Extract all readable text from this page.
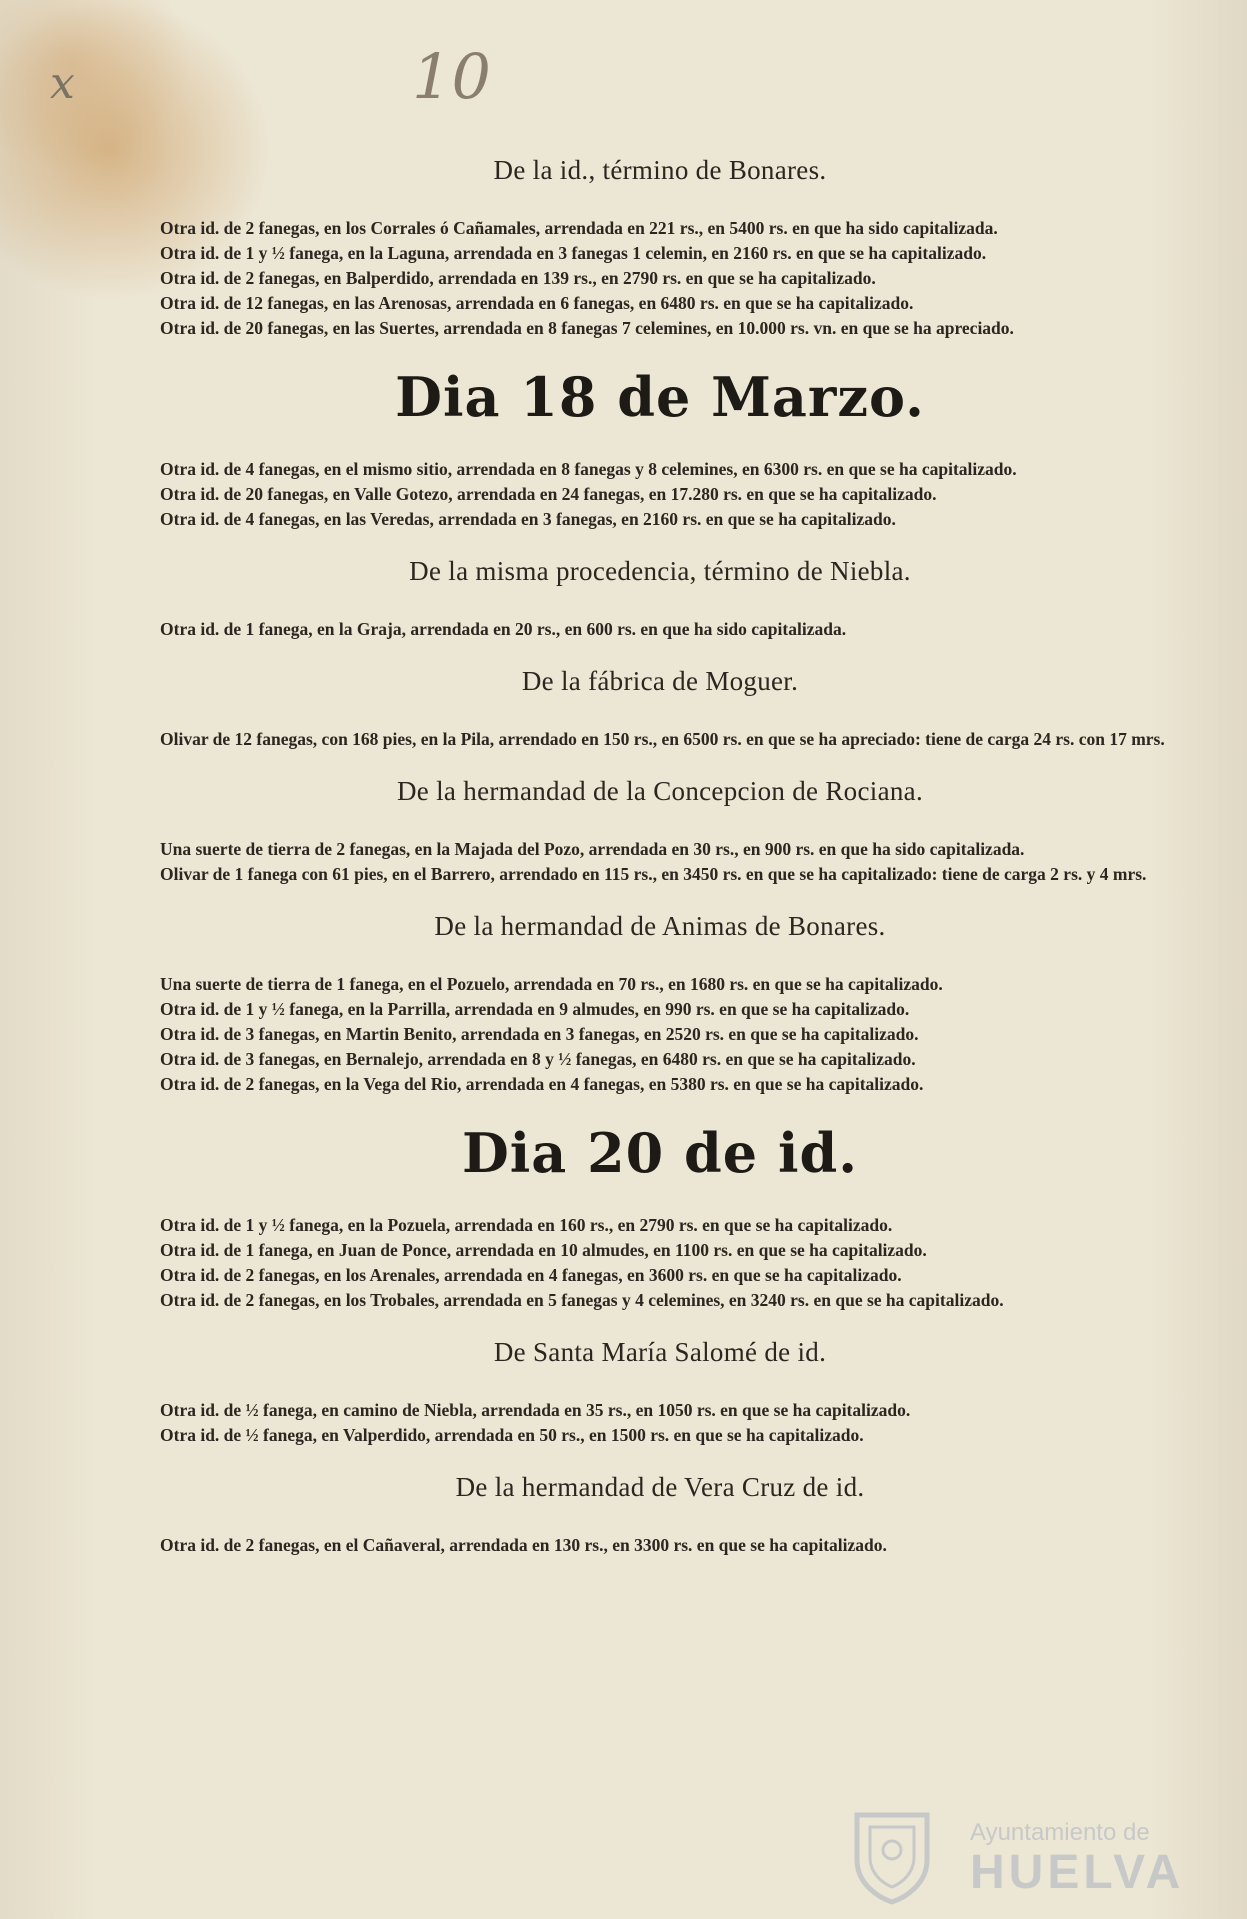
x	10
De la id., término de Bonares.

Otra id. de 2 fanegas, en los Corrales ó Cañamales, arrendada en 221 rs., en 5400 rs. en que ha sido capitalizada.

Otra id. de 1 y ½ fanega, en la Laguna, arrendada en 3 fanegas 1 celemin, en 2160 rs. en que se ha capitalizado.

Otra id. de 2 fanegas, en Balperdido, arrendada en 139 rs., en 2790 rs. en que se ha capitalizado.

Otra id. de 12 fanegas, en las Arenosas, arrendada en 6 fanegas, en 6480 rs. en que se ha capitalizado.

Otra id. de 20 fanegas, en las Suertes, arrendada en 8 fanegas 7 celemines, en 10.000 rs. vn. en que se ha apreciado.

Dia 18 de Marzo.

Otra id. de 4 fanegas, en el mismo sitio, arrendada en 8 fanegas y 8 celemines, en 6300 rs. en que se ha capitalizado.

Otra id. de 20 fanegas, en Valle Gotezo, arrendada en 24 fanegas, en 17.280 rs. en que se ha capitalizado.

Otra id. de 4 fanegas, en las Veredas, arrendada en 3 fanegas, en 2160 rs. en que se ha capitalizado.

De la misma procedencia, término de Niebla.

Otra id. de 1 fanega, en la Graja, arrendada en 20 rs., en 600 rs. en que ha sido capitalizada.

De la fábrica de Moguer.

Olivar de 12 fanegas, con 168 pies, en la Pila, arrendado en 150 rs., en 6500 rs. en que se ha apreciado: tiene de carga 24 rs. con 17 mrs.

De la hermandad de la Concepcion de Rociana.

Una suerte de tierra de 2 fanegas, en la Majada del Pozo, arrendada en 30 rs., en 900 rs. en que ha sido capitalizada.

Olivar de 1 fanega con 61 pies, en el Barrero, arrendado en 115 rs., en 3450 rs. en que se ha capitalizado: tiene de carga 2 rs. y 4 mrs.

De la hermandad de Animas de Bonares.

Una suerte de tierra de 1 fanega, en el Pozuelo, arrendada en 70 rs., en 1680 rs. en que se ha capitalizado.

Otra id. de 1 y ½ fanega, en la Parrilla, arrendada en 9 almudes, en 990 rs. en que se ha capitalizado.

Otra id. de 3 fanegas, en Martin Benito, arrendada en 3 fanegas, en 2520 rs. en que se ha capitalizado.

Otra id. de 3 fanegas, en Bernalejo, arrendada en 8 y ½ fanegas, en 6480 rs. en que se ha capitalizado.

Otra id. de 2 fanegas, en la Vega del Rio, arrendada en 4 fanegas, en 5380 rs. en que se ha capitalizado.

Dia 20 de id.

Otra id. de 1 y ½ fanega, en la Pozuela, arrendada en 160 rs., en 2790 rs. en que se ha capitalizado.

Otra id. de 1 fanega, en Juan de Ponce, arrendada en 10 almudes, en 1100 rs. en que se ha capitalizado.

Otra id. de 2 fanegas, en los Arenales, arrendada en 4 fanegas, en 3600 rs. en que se ha capitalizado.

Otra id. de 2 fanegas, en los Trobales, arrendada en 5 fanegas y 4 celemines, en 3240 rs. en que se ha capitalizado.

De Santa María Salomé de id.

Otra id. de ½ fanega, en camino de Niebla, arrendada en 35 rs., en 1050 rs. en que se ha capitalizado.

Otra id. de ½ fanega, en Valperdido, arrendada en 50 rs., en 1500 rs. en que se ha capitalizado.

De la hermandad de Vera Cruz de id.

Otra id. de 2 fanegas, en el Cañaveral, arrendada en 130 rs., en 3300 rs. en que se ha capitalizado.

Ayuntamiento de
HUELVA
